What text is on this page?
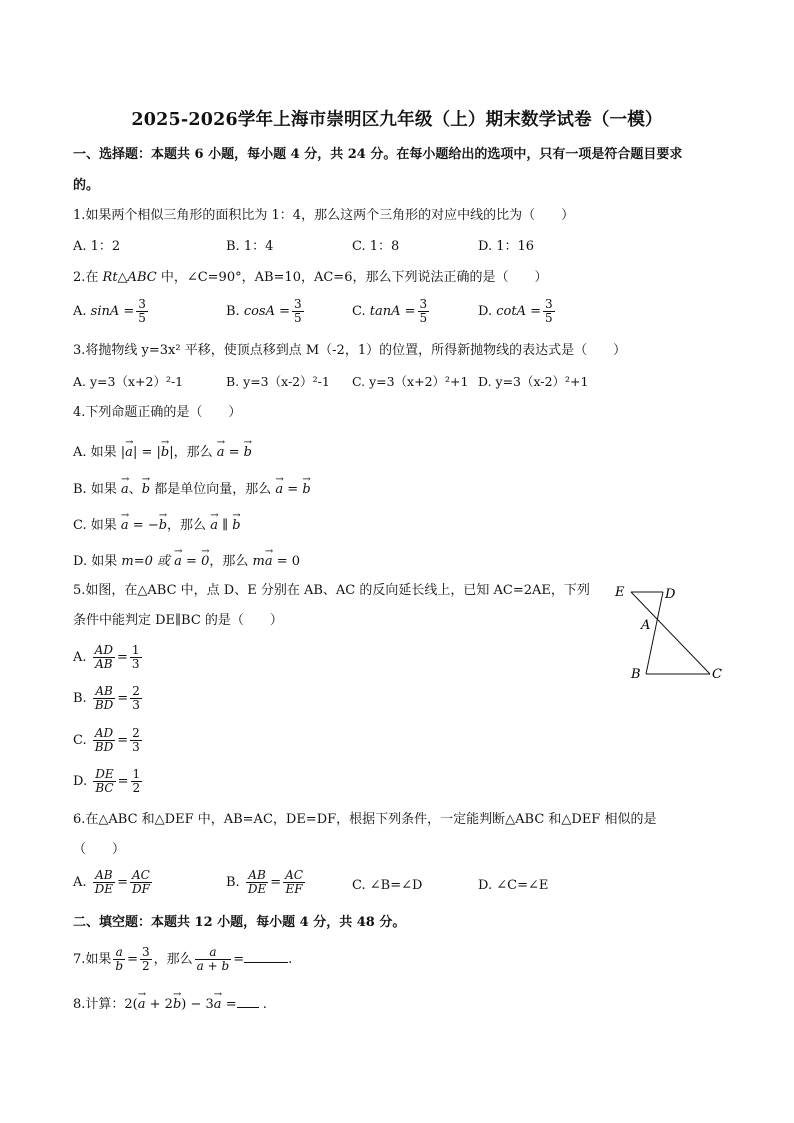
2025-2026学年上海市崇明区九年级（上）期末数学试卷（一模）
一、选择题：本题共 6 小题，每小题 4 分，共 24 分。在每小题给出的选项中，只有一项是符合题目要求
的。
1.如果两个相似三角形的面积比为 1：4，那么这两个三角形的对应中线的比为（　　）
A. 1：2	B. 1：4	C. 1：8	D. 1：16
2.在 Rt△ABC 中，∠C=90°，AB=10，AC=6，那么下列说法正确的是（　　）
A. $\sin A = \frac{3}{5}$	B. $\cos A = \frac{3}{5}$	C. $\tan A = \frac{3}{5}$	D. $\cot A = \frac{3}{5}$
3.将抛物线 y=3x² 平移，使顶点移到点 M（-2，1）的位置，所得新抛物线的表达式是（　　）
A. y=3（x+2）²-1	B. y=3（x-2）²-1 C. y=3（x+2）²+1 D. y=3（x-2）²+1
4.下列命题正确的是（　　）
A. 如果 |→ a| = |→ b|，那么 → a = → b
B. 如果 → a、→ b 都是单位向量，那么 → a = → b
C. 如果 → a = −→ b，那么 → a ∥ → b
D. 如果 m=0 或 → a = → 0，那么 m→ a = 0
5.如图，在△ABC 中，点 D、E 分别在 AB、AC 的反向延长线上，已知 AC=2AE，下列
条件中能判定 DE∥BC 的是（　　）
A. $\frac{AD}{AB} = \frac{1}{3}$
B. $\frac{AB}{BD} = \frac{2}{3}$
C. $\frac{AD}{BD} = \frac{2}{3}$
D. $\frac{DE}{BC} = \frac{1}{2}$
E	D
A
B	C
6.在△ABC 和△DEF 中，AB=AC，DE=DF，根据下列条件，一定能判断△ABC 和△DEF 相似的是
（　　）
A. $\frac{AB}{DE} = \frac{AC}{DF}$	B. $\frac{AB}{DE} = \frac{AC}{EF}$	C. ∠B=∠D	D. ∠C=∠E
二、填空题：本题共 12 小题，每小题 4 分，共 48 分。
7.如果 $\frac{a}{b} = \frac{3}{2}$ ，那么 $\frac{a}{a + b}$ =	.
8.计算：2(→ a + 2→ b) − 3→ a = .
